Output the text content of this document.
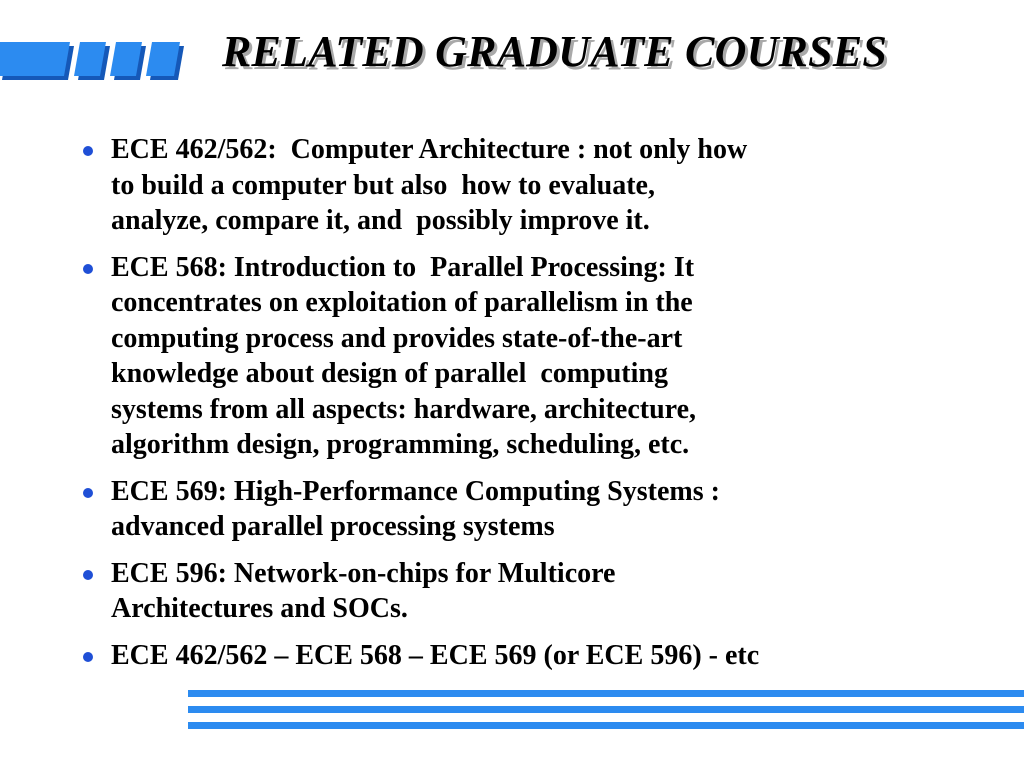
RELATED GRADUATE COURSES
ECE 462/562:  Computer Architecture : not only how
to build a computer but also  how to evaluate,
analyze, compare it, and  possibly improve it.
ECE 568: Introduction to  Parallel Processing: It
concentrates on exploitation of parallelism in the
computing process and provides state-of-the-art
knowledge about design of parallel  computing
systems from all aspects: hardware, architecture,
algorithm design, programming, scheduling, etc.
ECE 569: High-Performance Computing Systems :
advanced parallel processing systems
ECE 596: Network-on-chips for Multicore
Architectures and SOCs.
ECE 462/562 – ECE 568 – ECE 569 (or ECE 596) - etc
